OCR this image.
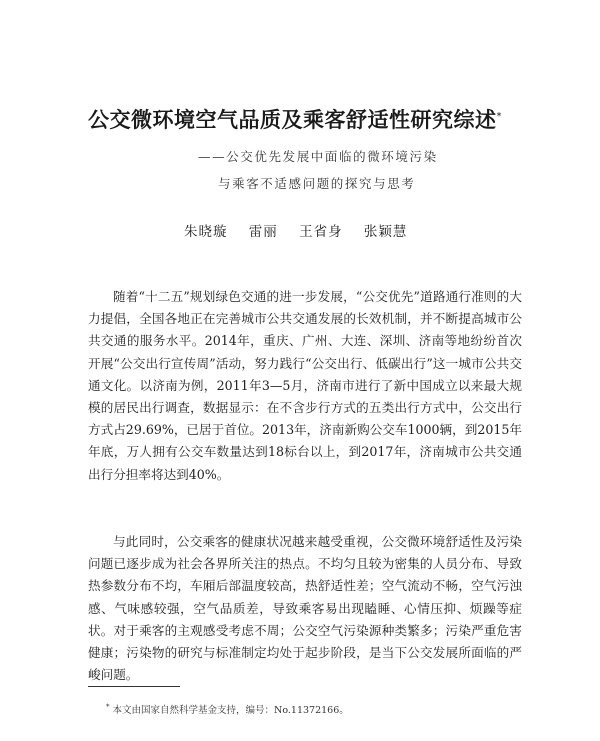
公交微环境空气品质及乘客舒适性研究综述*
——公交优先发展中面临的微环境污染
与乘客不适感问题的探究与思考
朱晓璇 雷丽 王省身 张颖慧

随着“十二五”规划绿色交通的进一步发展，“公交优先”道路通行准则的大力提倡，全国各地正在完善城市公共交通发展的长效机制，并不断提高城市公共交通的服务水平。2014年，重庆、广州、大连、深圳、济南等地纷纷首次开展“公交出行宣传周”活动，努力践行“公交出行、低碳出行”这一城市公共交通文化。以济南为例，2011年3—5月，济南市进行了新中国成立以来最大规模的居民出行调查，数据显示：在不含步行方式的五类出行方式中，公交出行方式占29.69%，已居于首位。2013年，济南新购公交车1000辆，到2015年年底，万人拥有公交车数量达到18标台以上，到2017年，济南城市公共交通出行分担率将达到40%。

与此同时，公交乘客的健康状况越来越受重视，公交微环境舒适性及污染问题已逐步成为社会各界所关注的热点。不均匀且较为密集的人员分布、导致热参数分布不均，车厢后部温度较高，热舒适性差；空气流动不畅，空气污浊感、气味感较强，空气品质差，导致乘客易出现瞌睡、心情压抑、烦躁等症状。对于乘客的主观感受考虑不周；公交空气污染源种类繁多；污染严重危害健康；污染物的研究与标准制定均处于起步阶段，是当下公交发展所面临的严峻问题。

* 本文由国家自然科学基金支持，编号：No.11372166。
